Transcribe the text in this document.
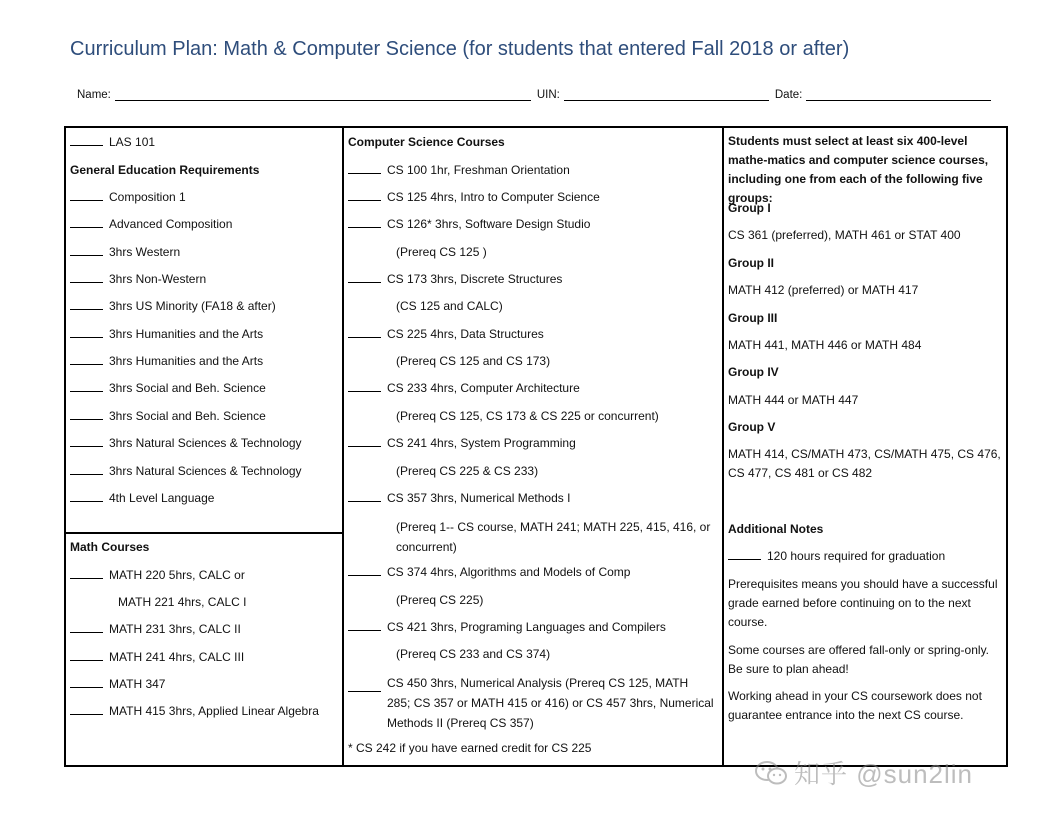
Curriculum Plan: Math & Computer Science (for students that entered Fall 2018 or after)
Name:	UIN:	Date:
LAS 101
General Education Requirements
Composition 1
Advanced Composition
3hrs Western
3hrs Non-Western
3hrs US Minority (FA18 & after)
3hrs Humanities and the Arts
3hrs Humanities and the Arts
3hrs Social and Beh. Science
3hrs Social and Beh. Science
3hrs Natural Sciences & Technology
3hrs Natural Sciences & Technology
4th Level Language
Math Courses
MATH 220 5hrs, CALC or
MATH 221 4hrs, CALC I
MATH 231 3hrs, CALC II
MATH 241 4hrs, CALC III
MATH 347
MATH 415 3hrs, Applied Linear Algebra
Computer Science Courses
CS 100 1hr, Freshman Orientation
CS 125 4hrs, Intro to Computer Science
CS 126* 3hrs, Software Design Studio
(Prereq CS 125 )
CS 173 3hrs, Discrete Structures
(CS 125 and CALC)
CS 225 4hrs, Data Structures
(Prereq CS 125 and CS 173)
CS 233 4hrs, Computer Architecture
(Prereq CS 125, CS 173 & CS 225 or concurrent)
CS 241 4hrs, System Programming
(Prereq CS 225 & CS 233)
CS 357 3hrs, Numerical Methods I
(Prereq 1-- CS course, MATH 241; MATH 225, 415, 416, or concurrent)
CS 374 4hrs, Algorithms and Models of Comp
(Prereq CS 225)
CS 421 3hrs, Programing Languages and Compilers
(Prereq CS 233 and CS 374)
CS 450 3hrs, Numerical Analysis (Prereq CS 125, MATH 285; CS 357 or MATH 415 or 416) or CS 457 3hrs, Numerical Methods II (Prereq CS 357)
* CS 242 if you have earned credit for CS 225
Students must select at least six 400-level mathe-matics and computer science courses, including one from each of the following five groups:
Group I
CS 361 (preferred), MATH 461 or STAT 400
Group II
MATH 412 (preferred) or MATH 417
Group III
MATH 441, MATH 446 or MATH 484
Group IV
MATH 444 or MATH 447
Group V
MATH 414, CS/MATH 473, CS/MATH 475, CS 476, CS 477, CS 481 or CS 482
Additional Notes
120 hours required for graduation
Prerequisites means you should have a successful grade earned before continuing on to the next course.
Some courses are offered fall-only or spring-only. Be sure to plan ahead!
Working ahead in your CS coursework does not guarantee entrance into the next CS course.
知乎 @sun2lin
